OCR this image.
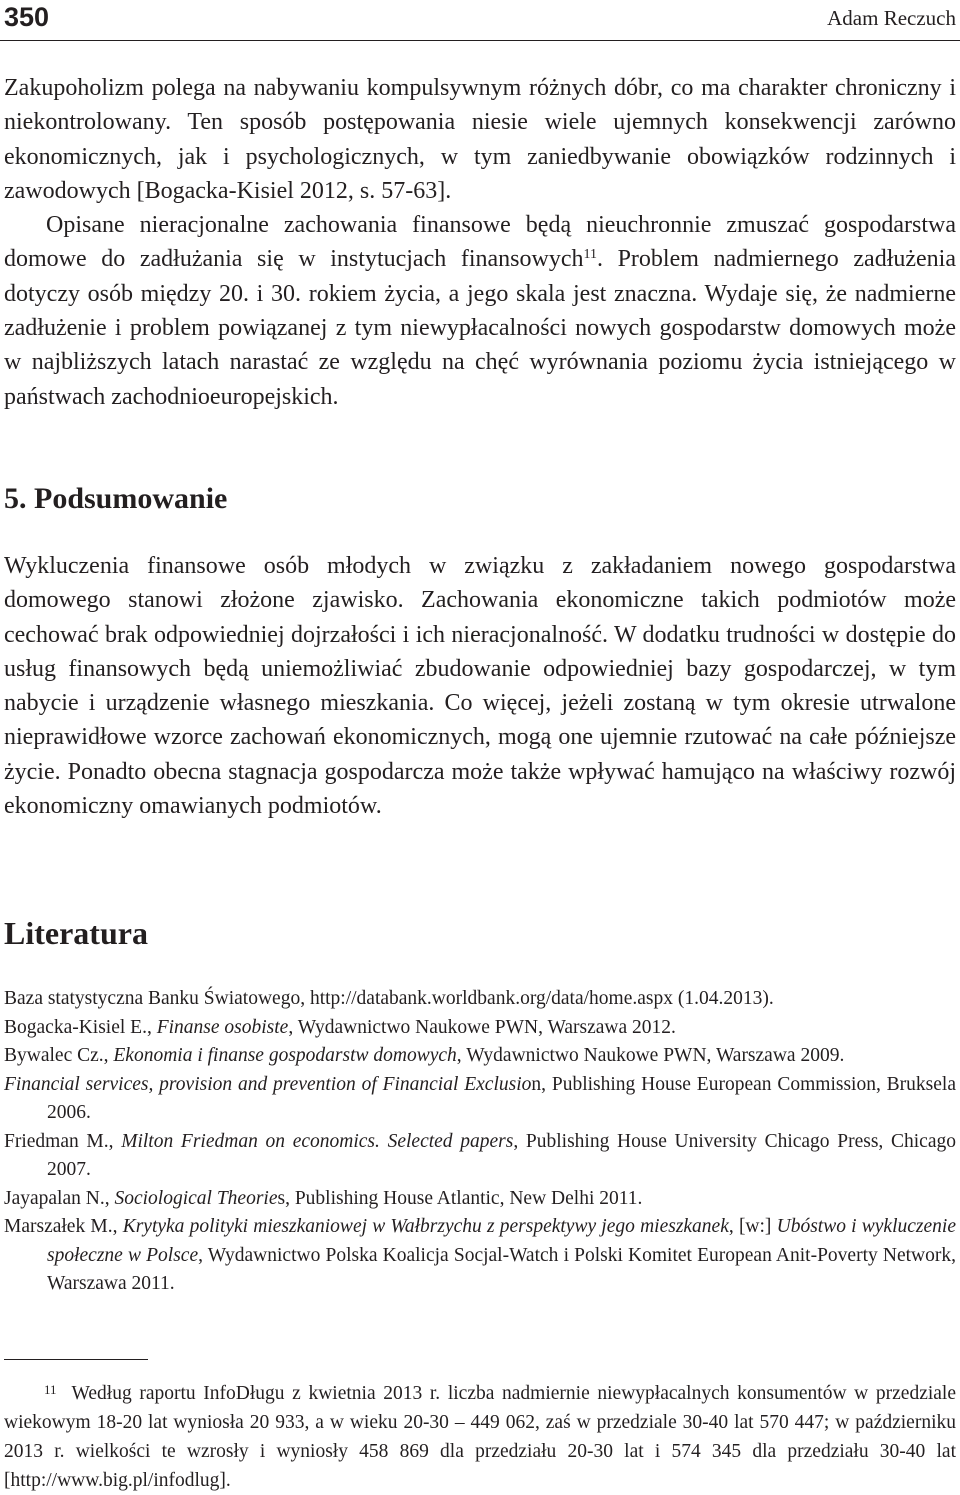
350	Adam Reczuch
Zakupoholizm polega na nabywaniu kompulsywnym różnych dóbr, co ma charakter chroniczny i niekontrolowany. Ten sposób postępowania niesie wiele ujemnych konsekwencji zarówno ekonomicznych, jak i psychologicznych, w tym zaniedbywanie obowiązków rodzinnych i zawodowych [Bogacka-Kisiel 2012, s. 57-63].
Opisane nieracjonalne zachowania finansowe będą nieuchronnie zmuszać gospodarstwa domowe do zadłużania się w instytucjach finansowych$^{11}$. Problem nadmiernego zadłużenia dotyczy osób między 20. i 30. rokiem życia, a jego skala jest znaczna. Wydaje się, że nadmierne zadłużenie i problem powiązanej z tym niewypłacalności nowych gospodarstw domowych może w najbliższych latach narastać ze względu na chęć wyrównania poziomu życia istniejącego w państwach zachodnioeuropejskich.
5. Podsumowanie

Wykluczenia finansowe osób młodych w związku z zakładaniem nowego gospodarstwa domowego stanowi złożone zjawisko. Zachowania ekonomiczne takich podmiotów może cechować brak odpowiedniej dojrzałości i ich nieracjonalność. W dodatku trudności w dostępie do usług finansowych będą uniemożliwiać zbudowanie odpowiedniej bazy gospodarczej, w tym nabycie i urządzenie własnego mieszkania. Co więcej, jeżeli zostaną w tym okresie utrwalone nieprawidłowe wzorce zachowań ekonomicznych, mogą one ujemnie rzutować na całe późniejsze życie. Ponadto obecna stagnacja gospodarcza może także wpływać hamująco na właściwy rozwój ekonomiczny omawianych podmiotów.

Literatura
Baza statystyczna Banku Światowego, http://databank.worldbank.org/data/home.aspx (1.04.2013).
Bogacka-Kisiel E., Finanse osobiste, Wydawnictwo Naukowe PWN, Warszawa 2012.
Bywalec Cz., Ekonomia i finanse gospodarstw domowych, Wydawnictwo Naukowe PWN, Warszawa 2009.
Financial services, provision and prevention of Financial Exclusion, Publishing House European Commission, Bruksela 2006.
Friedman M., Milton Friedman on economics. Selected papers, Publishing House University Chicago Press, Chicago 2007.
Jayapalan N., Sociological Theories, Publishing House Atlantic, New Delhi 2011.
Marszałek M., Krytyka polityki mieszkaniowej w Wałbrzychu z perspektywy jego mieszkanek, [w:] Ubóstwo i wykluczenie społeczne w Polsce, Wydawnictwo Polska Koalicja Socjal-Watch i Polski Komitet European Anit-Poverty Network, Warszawa 2011.

11 Według raportu InfoDługu z kwietnia 2013 r. liczba nadmiernie niewypłacalnych konsumentów w przedziale wiekowym 18-20 lat wyniosła 20 933, a w wieku 20-30 – 449 062, zaś w przedziale 30-40 lat 570 447; w październiku 2013 r. wielkości te wzrosły i wyniosły 458 869 dla przedziału 20-30 lat i 574 345 dla przedziału 30-40 lat [http://www.big.pl/infodlug].
